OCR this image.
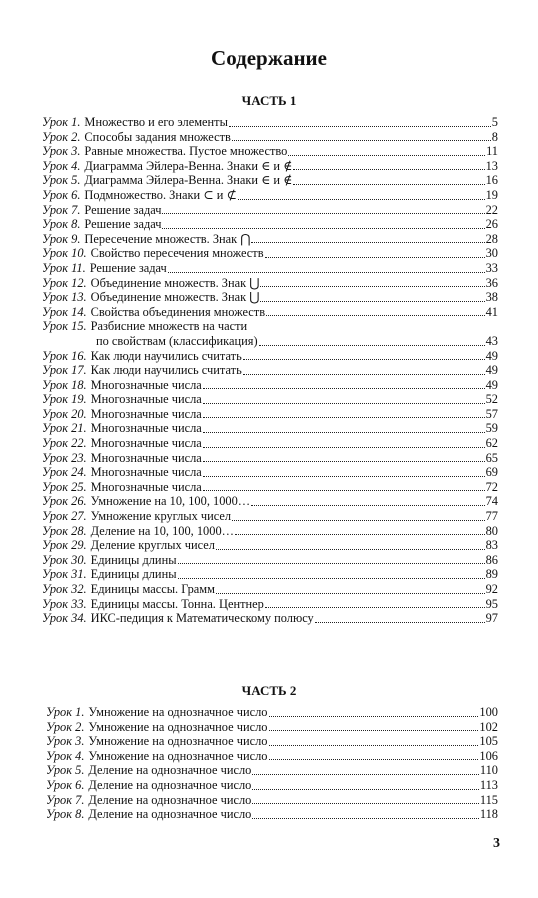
Содержание
ЧАСТЬ 1
Урок 1. Множество и его элементы	5
Урок 2. Способы задания множеств	8
Урок 3. Равные множества. Пустое множество	11
Урок 4. Диаграмма Эйлера-Венна. Знаки ∈ и ∉	13
Урок 5. Диаграмма Эйлера-Венна. Знаки ∈ и ∉	16
Урок 6. Подмножество. Знаки ⊂ и ⊄	19
Урок 7. Решение задач	22
Урок 8. Решение задач	26
Урок 9. Пересечение множеств. Знак ⋂	28
Урок 10. Свойство пересечения множеств	30
Урок 11. Решение задач	33
Урок 12. Объединение множеств. Знак ⋃	36
Урок 13. Объединение множеств. Знак ⋃	38
Урок 14. Свойства объединения множеств	41
Урок 15. Разбисние множеств на части
по свойствам (классификация)	43
Урок 16. Как люди научились считать	49
Урок 17. Как люди научились считать	49
Урок 18. Многозначные числа	49
Урок 19. Многозначные числа	52
Урок 20. Многозначные числа	57
Урок 21. Многозначные числа	59
Урок 22. Многозначные числа	62
Урок 23. Многозначные числа	65
Урок 24. Многозначные числа	69
Урок 25. Многозначные числа	72
Урок 26. Умножение на 10, 100, 1000…	74
Урок 27. Умножение круглых чисел	77
Урок 28. Деление на 10, 100, 1000…	80
Урок 29. Деление круглых чисел	83
Урок 30. Единицы длины	86
Урок 31. Единицы длины	89
Урок 32. Единицы массы. Грамм	92
Урок 33. Единицы массы. Тонна. Центнер	95
Урок 34. ИКС-педиция к Математическому полюсу	97
ЧАСТЬ 2
Урок 1. Умножение на однозначное число	100
Урок 2. Умножение на однозначное число	102
Урок 3. Умножение на однозначное число	105
Урок 4. Умножение на однозначное число	106
Урок 5. Деление на однозначное число	110
Урок 6. Деление на однозначное число	113
Урок 7. Деление на однозначное число	115
Урок 8. Деление на однозначное число	118
3
